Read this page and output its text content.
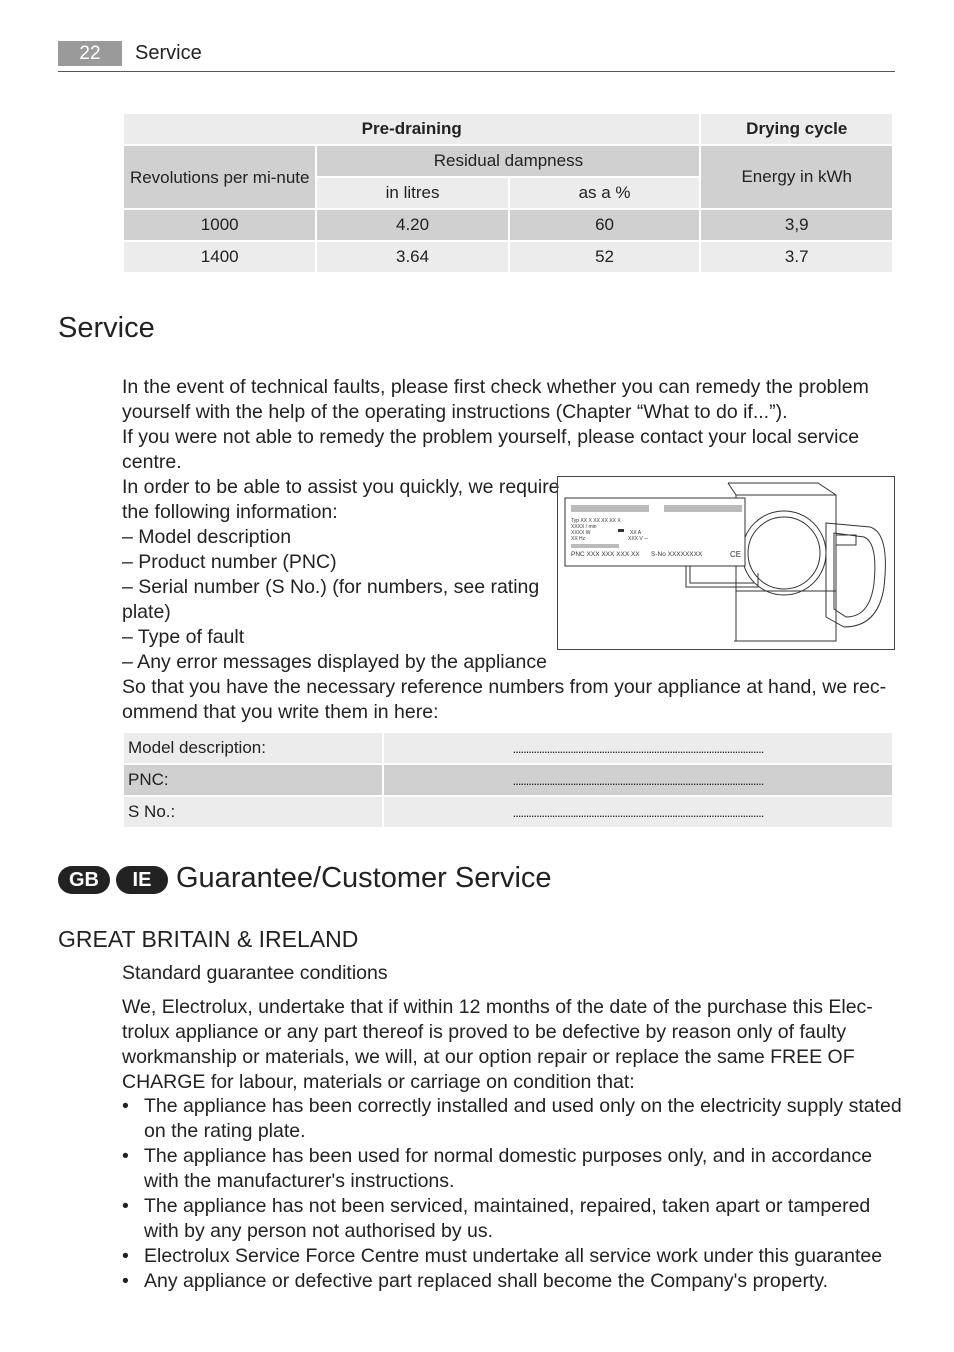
22	Service
Pre-draining			Drying cycle
Revolutions per mi-nute	Residual dampness		Energy in kWh
	in litres	as a %	
1000	4.20	60	3,9
1400	3.64	52	3.7
Service

In the event of technical faults, please first check whether you can remedy the problem yourself with the help of the operating instructions (Chapter “What to do if...”).

If you were not able to remedy the problem yourself, please contact your local service centre.

In order to be able to assist you quickly, we require

the following information:

– Model description

– Product number (PNC)

– Serial number (S No.) (for numbers, see rating

plate)

– Type of fault

– Any error messages displayed by the appliance

So that you have the necessary reference numbers from your appliance at hand, we rec-ommend that you write them in here:

Typ XX X XX XX XX X
XXXX / min
XXXX W	XX A
XX Hz	XXX V ∼
PNC XXX XXX XXX XX S-No XXXXXXXX	CE
Model description:	................................................................................................
PNC:	................................................................................................
S No.:	................................................................................................
GB	IE Guarantee/Customer Service
GREAT BRITAIN & IRELAND
Standard guarantee conditions

We, Electrolux, undertake that if within 12 months of the date of the purchase this Elec-trolux appliance or any part thereof is proved to be defective by reason only of faulty workmanship or materials, we will, at our option repair or replace the same FREE OF CHARGE for labour, materials or carriage on condition that:

• The appliance has been correctly installed and used only on the electricity supply stated on the rating plate.
• The appliance has been used for normal domestic purposes only, and in accordance with the manufacturer's instructions.
• The appliance has not been serviced, maintained, repaired, taken apart or tampered with by any person not authorised by us.
• Electrolux Service Force Centre must undertake all service work under this guarantee
• Any appliance or defective part replaced shall become the Company's property.
